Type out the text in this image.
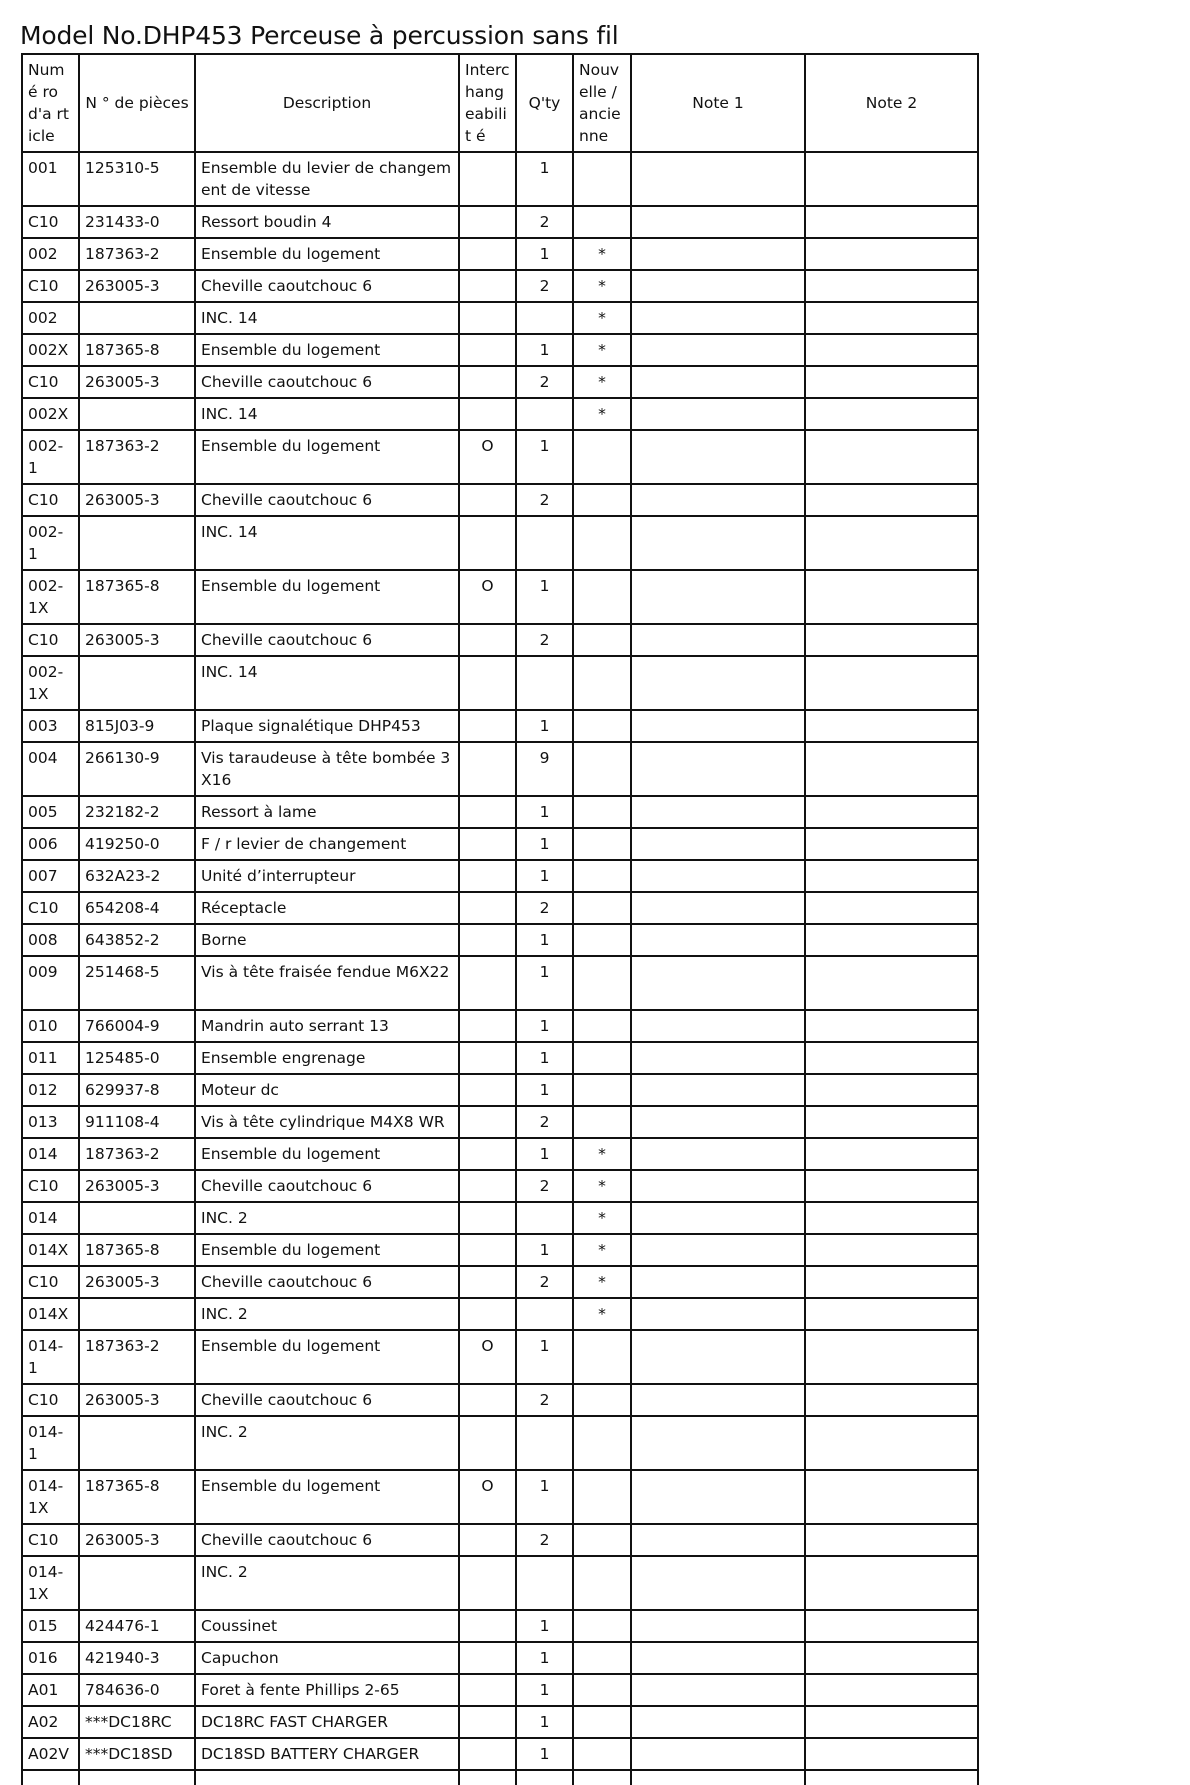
Model No.DHP453 Perceuse à percussion sans fil
Numé ro d'a rticle	N ° de pièces	Description	Interc hang eabilit é	Q'ty	Nouv elle / ancie nne	Note 1	Note 2
001	125310-5	Ensemble du levier de changement de vitesse		1			
C10	231433-0	Ressort boudin 4		2			
002	187363-2	Ensemble du logement		1	*		
C10	263005-3	Cheville caoutchouc 6		2	*		
002		INC. 14			*		
002X	187365-8	Ensemble du logement		1	*		
C10	263005-3	Cheville caoutchouc 6		2	*		
002X		INC. 14			*		
002-1	187363-2	Ensemble du logement	O	1			
C10	263005-3	Cheville caoutchouc 6		2			
002-1		INC. 14					
002-1X	187365-8	Ensemble du logement	O	1			
C10	263005-3	Cheville caoutchouc 6		2			
002-1X		INC. 14					
003	815J03-9	Plaque signalétique DHP453		1			
004	266130-9	Vis taraudeuse à tête bombée 3X16		9			
005	232182-2	Ressort à lame		1			
006	419250-0	F / r levier de changement		1			
007	632A23-2	Unité d’interrupteur		1			
C10	654208-4	Réceptacle		2			
008	643852-2	Borne		1			
009	251468-5	Vis à tête fraisée fendue M6X22		1			
010	766004-9	Mandrin auto serrant 13		1			
011	125485-0	Ensemble engrenage		1			
012	629937-8	Moteur dc		1			
013	911108-4	Vis à tête cylindrique M4X8 WR		2			
014	187363-2	Ensemble du logement		1	*		
C10	263005-3	Cheville caoutchouc 6		2	*		
014		INC. 2			*		
014X	187365-8	Ensemble du logement		1	*		
C10	263005-3	Cheville caoutchouc 6		2	*		
014X		INC. 2			*		
014-1	187363-2	Ensemble du logement	O	1			
C10	263005-3	Cheville caoutchouc 6		2			
014-1		INC. 2					
014-1X	187365-8	Ensemble du logement	O	1			
C10	263005-3	Cheville caoutchouc 6		2			
014-1X		INC. 2					
015	424476-1	Coussinet		1			
016	421940-3	Capuchon		1			
A01	784636-0	Foret à fente Phillips 2-65		1			
A02	***DC18RC	DC18RC FAST CHARGER		1			
A02V	***DC18SD	DC18SD BATTERY CHARGER		1			
